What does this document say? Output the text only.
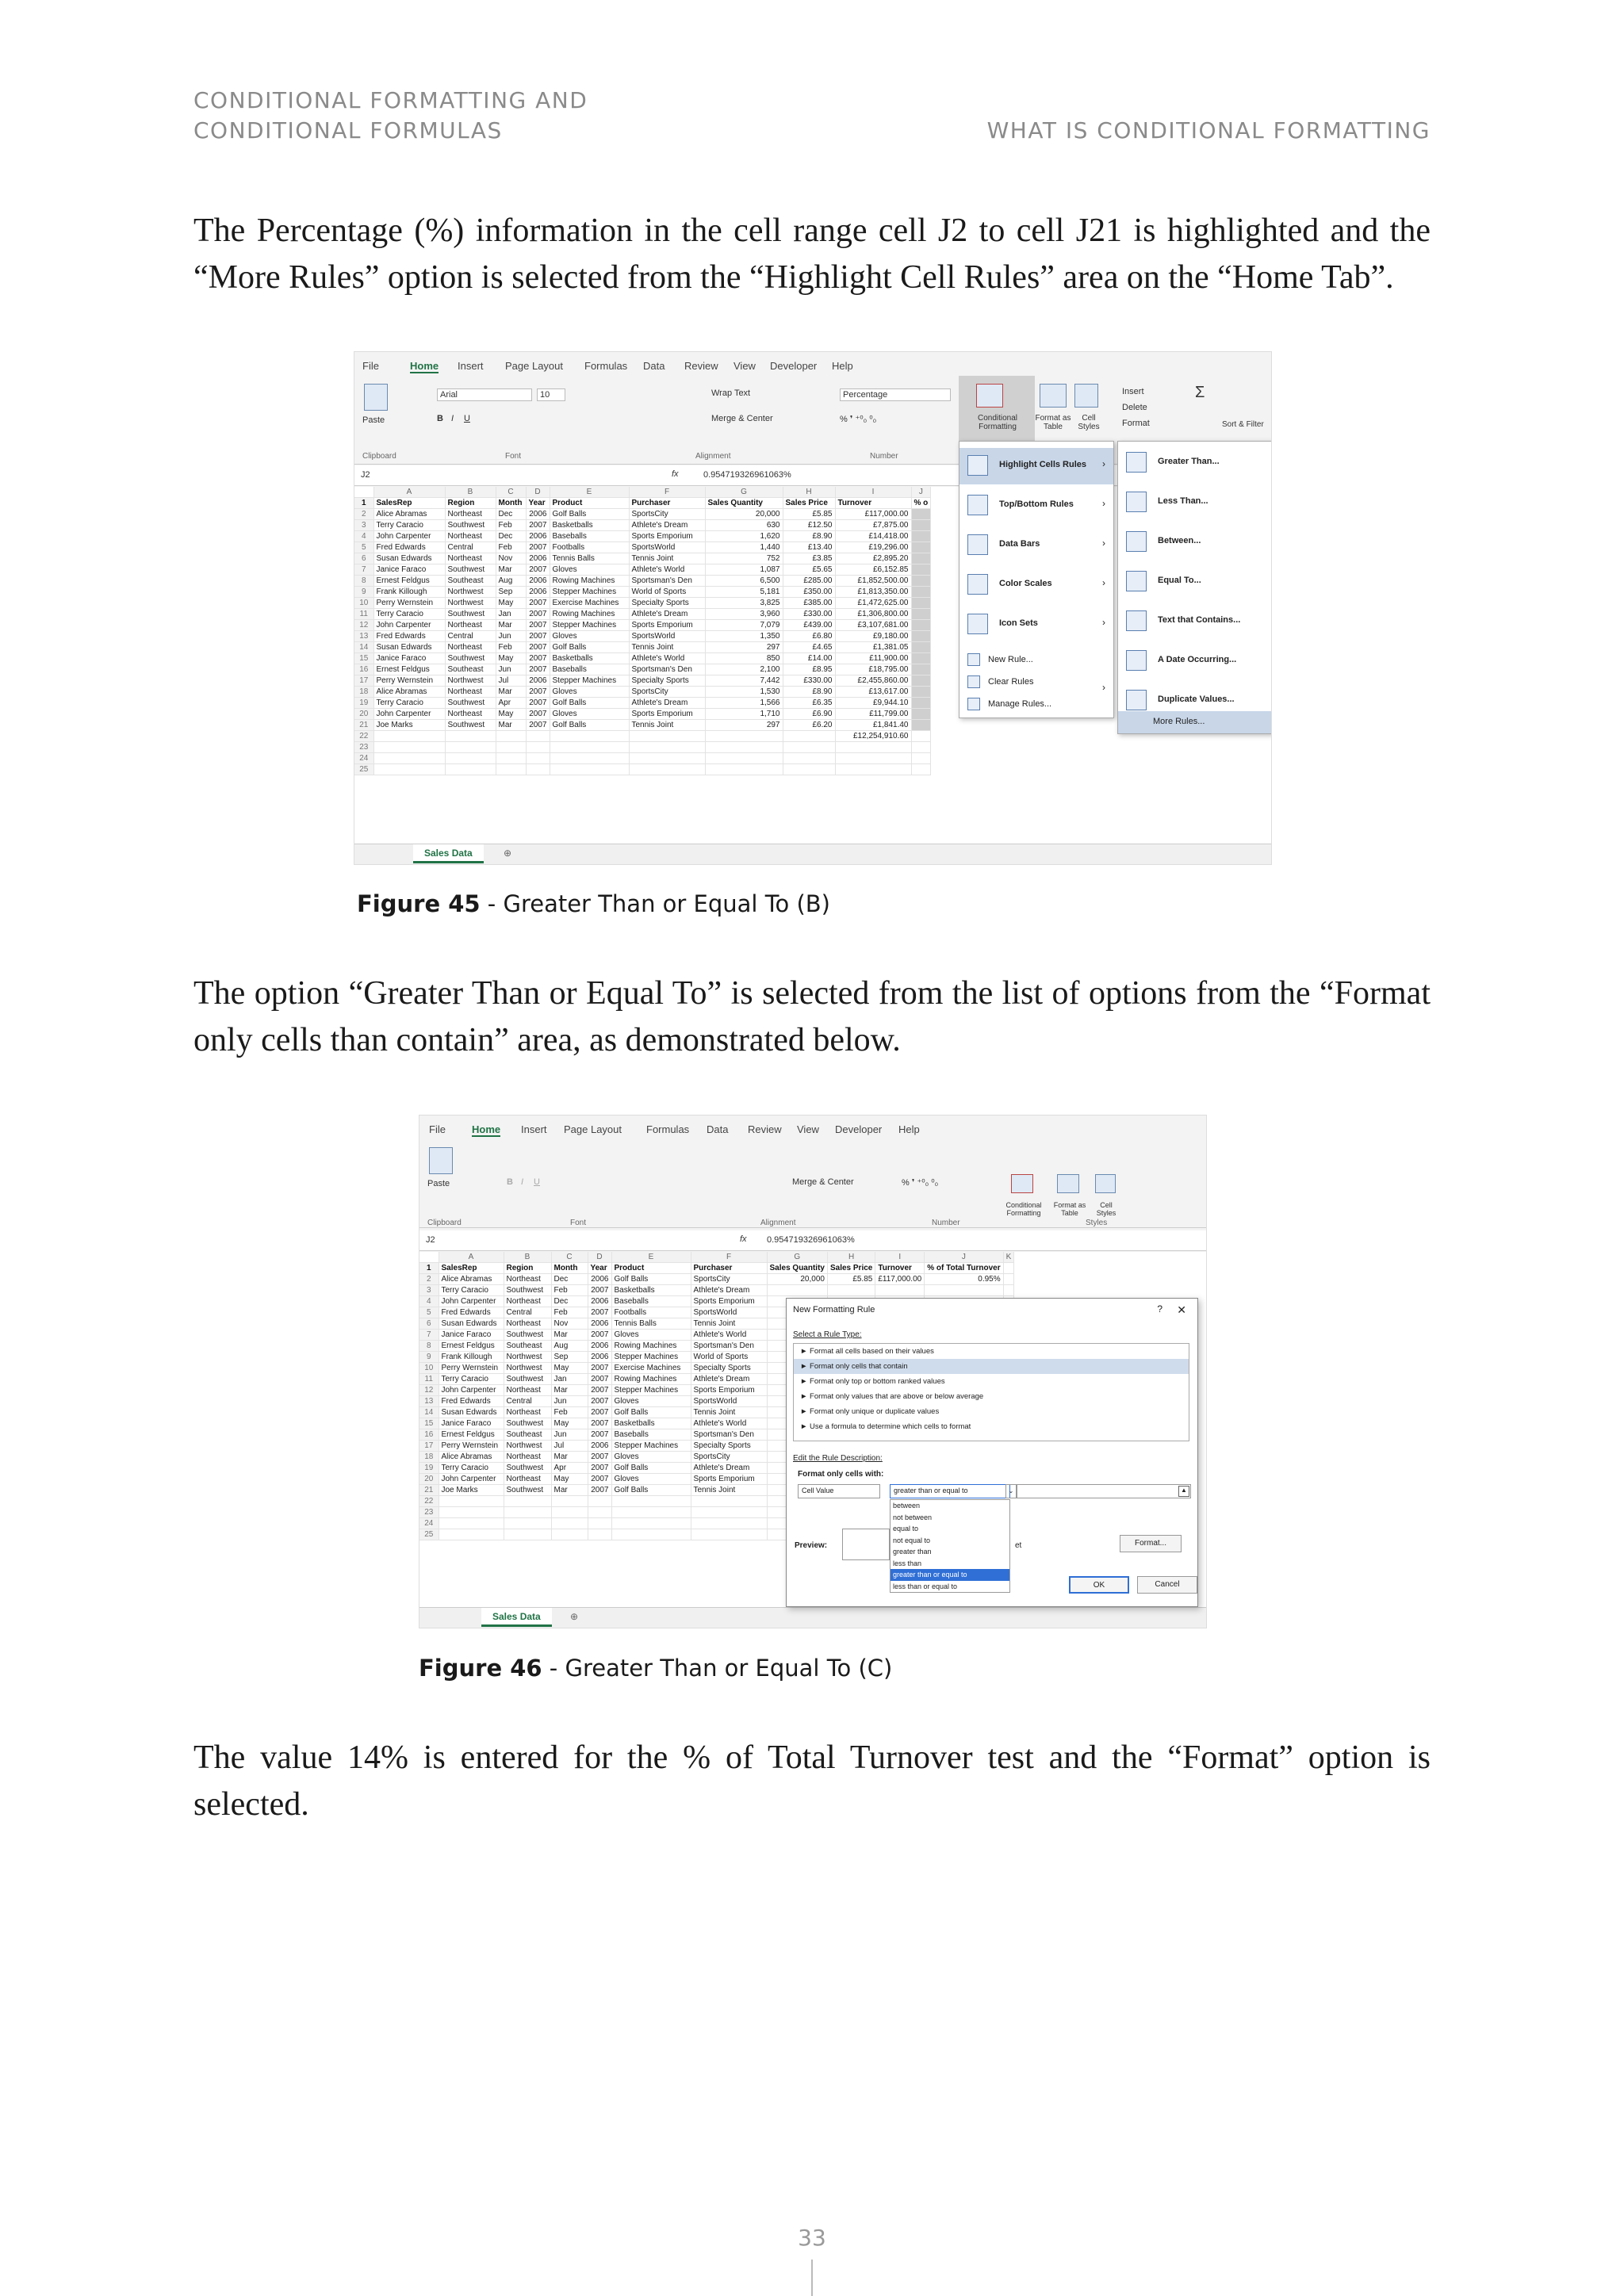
CONDITIONAL FORMATTING AND
CONDITIONAL FORMULAS	WHAT IS CONDITIONAL FORMATTING
The Percentage (%) information in the cell range cell J2 to cell J21 is highlighted and the “More Rules” option is selected from the “Highlight Cell Rules” area on the “Home Tab”.
File	Home Insert Page Layout Formulas Data Review View Developer Help
Paste
Arial	10
B I U
Wrap Text
Merge & Center
Percentage
% ❜ ⁺⁰₀ ⁰₀	Conditional Formatting
Format as Table
Cell Styles
Insert
Delete
Format
Σ
Sort & Filter
Clipboard	Font	Alignment	Number
J2	fx	0.954719326961063%
	A	B	C	D	E	F	G	H	I	J
1	SalesRep	Region	Month	Year	Product	Purchaser	Sales Quantity	Sales Price	Turnover	% o
2	Alice Abramas	Northeast	Dec	2006	Golf Balls	SportsCity	20,000	£5.85	£117,000.00	
3	Terry Caracio	Southwest	Feb	2007	Basketballs	Athlete's Dream	630	£12.50	£7,875.00	
4	John Carpenter	Northeast	Dec	2006	Baseballs	Sports Emporium	1,620	£8.90	£14,418.00	
5	Fred Edwards	Central	Feb	2007	Footballs	SportsWorld	1,440	£13.40	£19,296.00	
6	Susan Edwards	Northeast	Nov	2006	Tennis Balls	Tennis Joint	752	£3.85	£2,895.20	
7	Janice Faraco	Southwest	Mar	2007	Gloves	Athlete's World	1,087	£5.65	£6,152.85	
8	Ernest Feldgus	Southeast	Aug	2006	Rowing Machines	Sportsman's Den	6,500	£285.00	£1,852,500.00	
9	Frank Killough	Northwest	Sep	2006	Stepper Machines	World of Sports	5,181	£350.00	£1,813,350.00	
10	Perry Wernstein	Northwest	May	2007	Exercise Machines	Specialty Sports	3,825	£385.00	£1,472,625.00	
11	Terry Caracio	Southwest	Jan	2007	Rowing Machines	Athlete's Dream	3,960	£330.00	£1,306,800.00	
12	John Carpenter	Northeast	Mar	2007	Stepper Machines	Sports Emporium	7,079	£439.00	£3,107,681.00	
13	Fred Edwards	Central	Jun	2007	Gloves	SportsWorld	1,350	£6.80	£9,180.00	
14	Susan Edwards	Northeast	Feb	2007	Golf Balls	Tennis Joint	297	£4.65	£1,381.05	
15	Janice Faraco	Southwest	May	2007	Basketballs	Athlete's World	850	£14.00	£11,900.00	
16	Ernest Feldgus	Southeast	Jun	2007	Baseballs	Sportsman's Den	2,100	£8.95	£18,795.00	
17	Perry Wernstein	Northwest	Jul	2006	Stepper Machines	Specialty Sports	7,442	£330.00	£2,455,860.00	
18	Alice Abramas	Northeast	Mar	2007	Gloves	SportsCity	1,530	£8.90	£13,617.00	
19	Terry Caracio	Southwest	Apr	2007	Golf Balls	Athlete's Dream	1,566	£6.35	£9,944.10	
20	John Carpenter	Northeast	May	2007	Gloves	Sports Emporium	1,710	£6.90	£11,799.00	
21	Joe Marks	Southwest	Mar	2007	Golf Balls	Tennis Joint	297	£6.20	£1,841.40	
22									£12,254,910.60	
23										
24										
25										
Sales Data	⊕
Highlight Cells Rules ›
Top/Bottom Rules	›
Data Bars	›
Color Scales	›
Icon Sets	›
New Rule...
Clear Rules	›
Manage Rules...
Greater Than...
Less Than...
Between...
Equal To...
Text that Contains...
A Date Occurring...
Duplicate Values...
More Rules...
Figure 45 - Greater Than or Equal To (B)
The option “Greater Than or Equal To” is selected from the list of options from the “Format only cells than contain” area, as demonstrated below.
File	Home Insert Page Layout Formulas Data Review View Developer Help
Paste	B I U	Merge & Center	% ❜ ⁺⁰₀ ⁰₀
Conditional Formatting
Format as Table
Cell Styles
Clipboard	Font	Alignment	Number	Styles
J2	fx 0.954719326961063%
	A	B	C	D	E	F	G	H	I	J	K
1	SalesRep	Region	Month	Year	Product	Purchaser	Sales Quantity	Sales Price	Turnover	% of Total Turnover	
2	Alice Abramas	Northeast	Dec	2006	Golf Balls	SportsCity	20,000	£5.85	£117,000.00	0.95%	
3	Terry Caracio	Southwest	Feb	2007	Basketballs	Athlete's Dream					
4	John Carpenter	Northeast	Dec	2006	Baseballs	Sports Emporium					
5	Fred Edwards	Central	Feb	2007	Footballs	SportsWorld					
6	Susan Edwards	Northeast	Nov	2006	Tennis Balls	Tennis Joint					
7	Janice Faraco	Southwest	Mar	2007	Gloves	Athlete's World					
8	Ernest Feldgus	Southeast	Aug	2006	Rowing Machines	Sportsman's Den					
9	Frank Killough	Northwest	Sep	2006	Stepper Machines	World of Sports					
10	Perry Wernstein	Northwest	May	2007	Exercise Machines	Specialty Sports					
11	Terry Caracio	Southwest	Jan	2007	Rowing Machines	Athlete's Dream					
12	John Carpenter	Northeast	Mar	2007	Stepper Machines	Sports Emporium					
13	Fred Edwards	Central	Jun	2007	Gloves	SportsWorld					
14	Susan Edwards	Northeast	Feb	2007	Golf Balls	Tennis Joint					
15	Janice Faraco	Southwest	May	2007	Basketballs	Athlete's World					
16	Ernest Feldgus	Southeast	Jun	2007	Baseballs	Sportsman's Den					
17	Perry Wernstein	Northwest	Jul	2006	Stepper Machines	Specialty Sports					
18	Alice Abramas	Northeast	Mar	2007	Gloves	SportsCity					
19	Terry Caracio	Southwest	Apr	2007	Golf Balls	Athlete's Dream					
20	John Carpenter	Northeast	May	2007	Gloves	Sports Emporium					
21	Joe Marks	Southwest	Mar	2007	Golf Balls	Tennis Joint					
22											
23											
24											
25											
Sales Data	⊕
New Formatting Rule	? ✕
Select a Rule Type:
► Format all cells based on their values
► Format only cells that contain
► Format only top or bottom ranked values
► Format only values that are above or below average
► Format only unique or duplicate values
► Use a formula to determine which cells to format
Edit the Rule Description:
Format only cells with:
Cell Value	greater than or equal to	⌄	▲
between
not between
equal to
not equal to
greater than
less than
greater than or equal to
less than or equal to
Preview:	et	Format...
OK	Cancel
Figure 46 - Greater Than or Equal To (C)
The value 14% is entered for the % of Total Turnover test and the “Format” option is selected.
33
